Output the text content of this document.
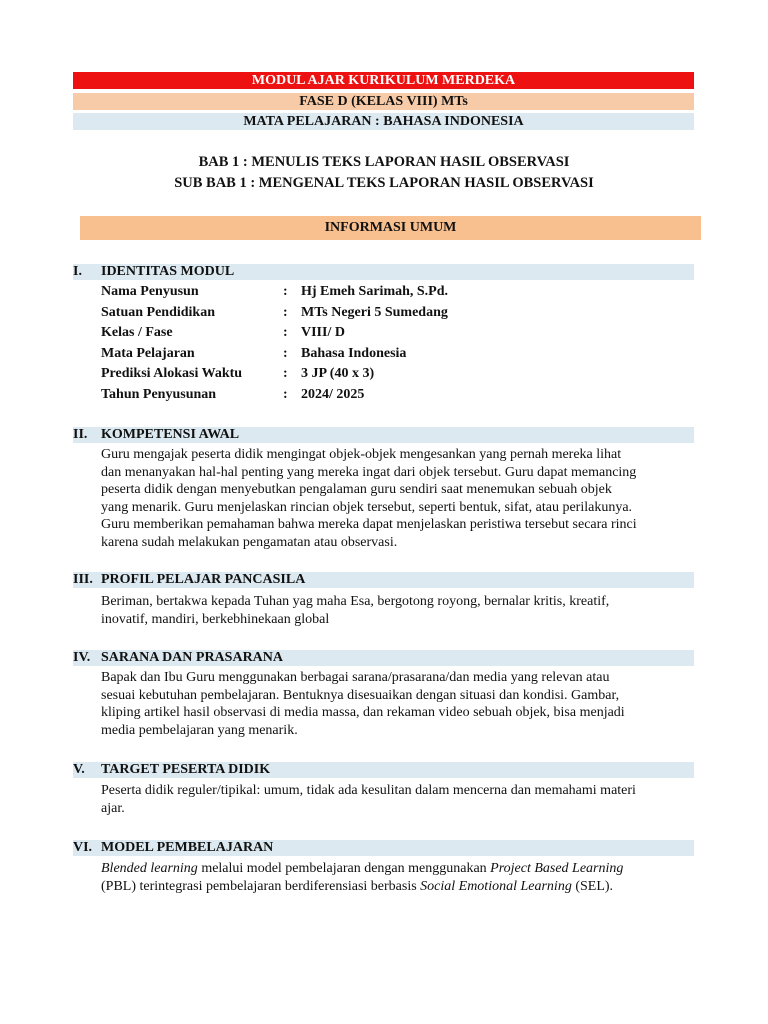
MODUL AJAR KURIKULUM MERDEKA
FASE D (KELAS VIII) MTs
MATA PELAJARAN : BAHASA INDONESIA
BAB 1 : MENULIS TEKS LAPORAN HASIL OBSERVASI
SUB BAB 1 : MENGENAL TEKS LAPORAN HASIL OBSERVASI
INFORMASI UMUM
I. IDENTITAS MODUL
Nama Penyusun	: Hj Emeh Sarimah, S.Pd.
Satuan Pendidikan	: MTs Negeri 5 Sumedang
Kelas / Fase	: VIII/ D
Mata Pelajaran	: Bahasa Indonesia
Prediksi Alokasi Waktu	: 3 JP (40 x 3)
Tahun Penyusunan	: 2024/ 2025
II. KOMPETENSI AWAL
Guru mengajak peserta didik mengingat objek-objek mengesankan yang pernah mereka lihat
dan menanyakan hal-hal penting yang mereka ingat dari objek tersebut. Guru dapat memancing
peserta didik dengan menyebutkan pengalaman guru sendiri saat menemukan sebuah objek
yang menarik. Guru menjelaskan rincian objek tersebut, seperti bentuk, sifat, atau perilakunya.
Guru memberikan pemahaman bahwa mereka dapat menjelaskan peristiwa tersebut secara rinci
karena sudah melakukan pengamatan atau observasi.
III. PROFIL PELAJAR PANCASILA
Beriman, bertakwa kepada Tuhan yag maha Esa, bergotong royong, bernalar kritis, kreatif,
inovatif, mandiri, berkebhinekaan global
IV. SARANA DAN PRASARANA
Bapak dan Ibu Guru menggunakan berbagai sarana/prasarana/dan media yang relevan atau
sesuai kebutuhan pembelajaran. Bentuknya disesuaikan dengan situasi dan kondisi. Gambar,
kliping artikel hasil observasi di media massa, dan rekaman video sebuah objek, bisa menjadi
media pembelajaran yang menarik.
V. TARGET PESERTA DIDIK
Peserta didik reguler/tipikal: umum, tidak ada kesulitan dalam mencerna dan memahami materi
ajar.
VI. MODEL PEMBELAJARAN
Blended learning melalui model pembelajaran dengan menggunakan Project Based Learning
(PBL) terintegrasi pembelajaran berdiferensiasi berbasis Social Emotional Learning (SEL).
